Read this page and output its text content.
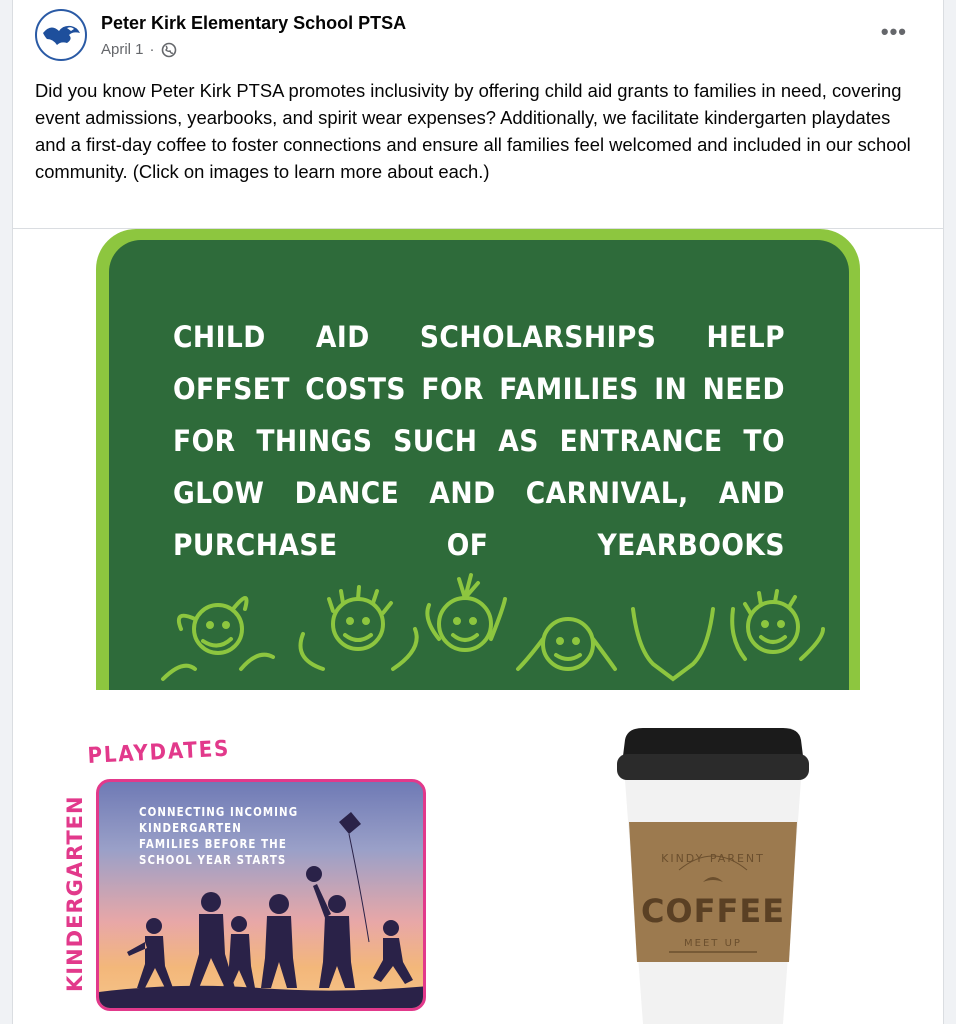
Peter Kirk Elementary School PTSA
April 1 ·
•••

Did you know Peter Kirk PTSA promotes inclusivity by offering child aid grants to families in need, covering event admissions, yearbooks, and spirit wear expenses? Additionally, we facilitate kindergarten playdates and a first-day coffee to foster connections and ensure all families feel welcomed and included in our school community. (Click on images to learn more about each.)

CHILD AID SCHOLARSHIPS HELP OFFSET COSTS FOR FAMILIES IN NEED FOR THINGS SUCH AS ENTRANCE TO GLOW DANCE AND CARNIVAL, AND PURCHASE OF YEARBOOKS
PLAYDATES
KINDERGARTEN	CONNECTING INCOMING
KINDERGARTEN
FAMILIES BEFORE THE
SCHOOL YEAR STARTS	KINDY PARENT
COFFEE
MEET UP
